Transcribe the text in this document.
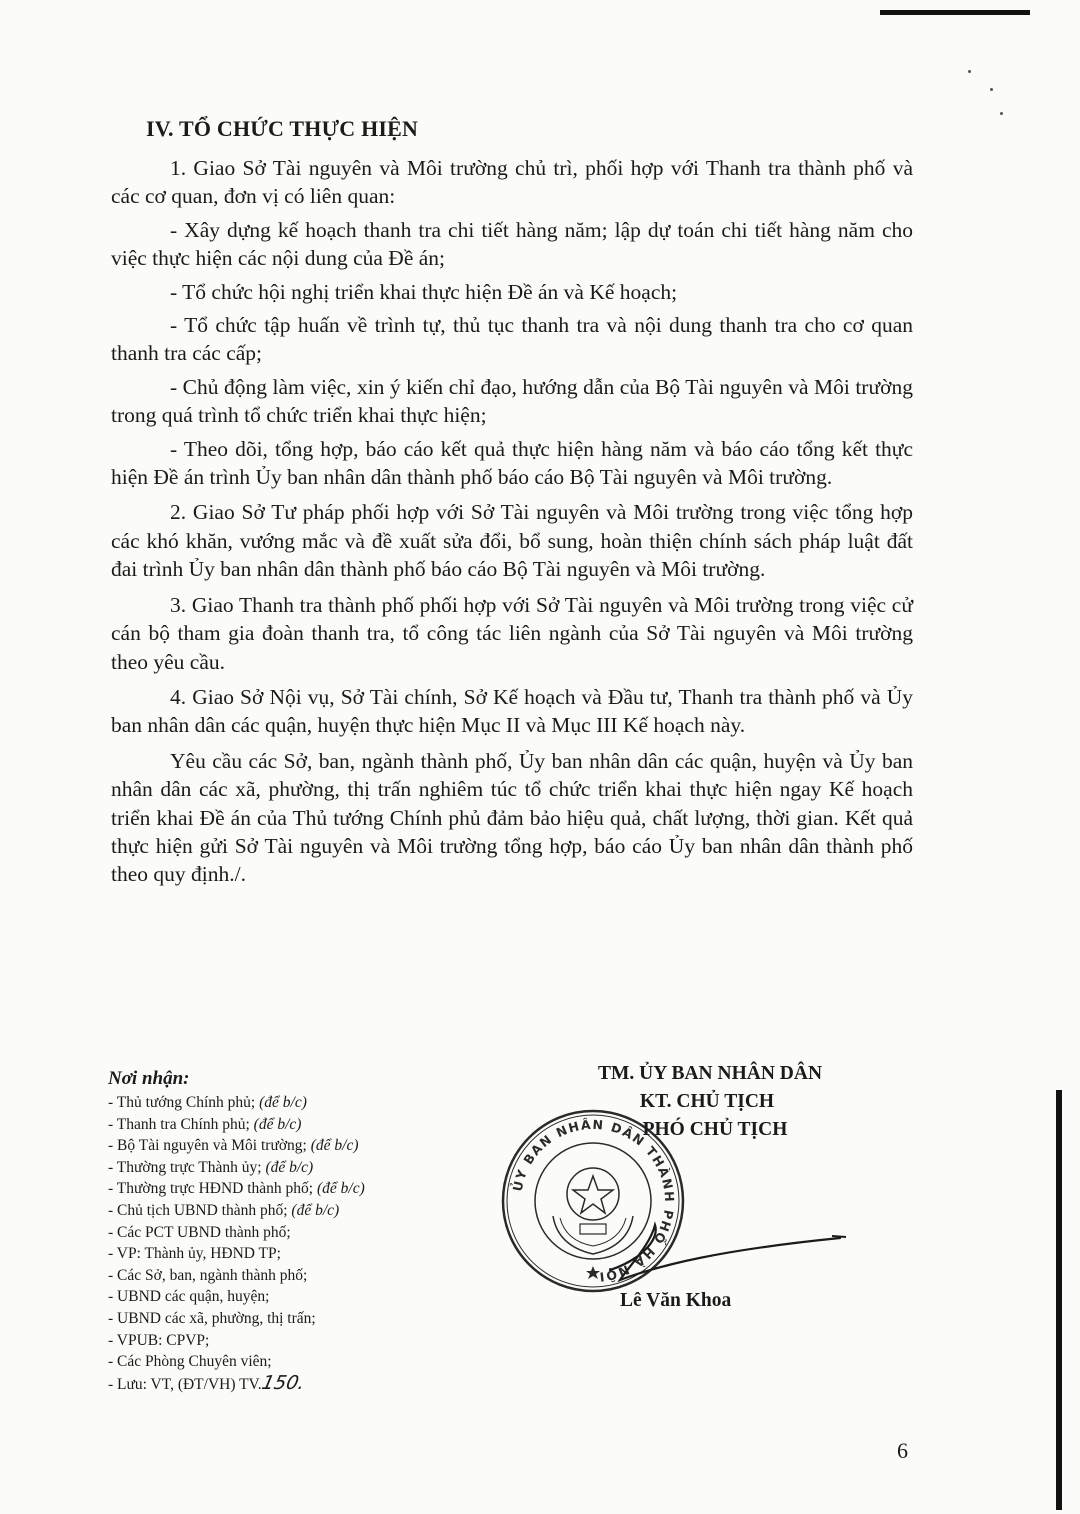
IV. TỔ CHỨC THỰC HIỆN

1. Giao Sở Tài nguyên và Môi trường chủ trì, phối hợp với Thanh tra thành phố và các cơ quan, đơn vị có liên quan:

- Xây dựng kế hoạch thanh tra chi tiết hàng năm; lập dự toán chi tiết hàng năm cho việc thực hiện các nội dung của Đề án;

- Tổ chức hội nghị triển khai thực hiện Đề án và Kế hoạch;

- Tổ chức tập huấn về trình tự, thủ tục thanh tra và nội dung thanh tra cho cơ quan thanh tra các cấp;

- Chủ động làm việc, xin ý kiến chỉ đạo, hướng dẫn của Bộ Tài nguyên và Môi trường trong quá trình tổ chức triển khai thực hiện;

- Theo dõi, tổng hợp, báo cáo kết quả thực hiện hàng năm và báo cáo tổng kết thực hiện Đề án trình Ủy ban nhân dân thành phố báo cáo Bộ Tài nguyên và Môi trường.

2. Giao Sở Tư pháp phối hợp với Sở Tài nguyên và Môi trường trong việc tổng hợp các khó khăn, vướng mắc và đề xuất sửa đổi, bổ sung, hoàn thiện chính sách pháp luật đất đai trình Ủy ban nhân dân thành phố báo cáo Bộ Tài nguyên và Môi trường.

3. Giao Thanh tra thành phố phối hợp với Sở Tài nguyên và Môi trường trong việc cử cán bộ tham gia đoàn thanh tra, tổ công tác liên ngành của Sở Tài nguyên và Môi trường theo yêu cầu.

4. Giao Sở Nội vụ, Sở Tài chính, Sở Kế hoạch và Đầu tư, Thanh tra thành phố và Ủy ban nhân dân các quận, huyện thực hiện Mục II và Mục III Kế hoạch này.

Yêu cầu các Sở, ban, ngành thành phố, Ủy ban nhân dân các quận, huyện và Ủy ban nhân dân các xã, phường, thị trấn nghiêm túc tổ chức triển khai thực hiện ngay Kế hoạch triển khai Đề án của Thủ tướng Chính phủ đảm bảo hiệu quả, chất lượng, thời gian. Kết quả thực hiện gửi Sở Tài nguyên và Môi trường tổng hợp, báo cáo Ủy ban nhân dân thành phố theo quy định./.

Nơi nhận:
- Thủ tướng Chính phủ; (để b/c)
- Thanh tra Chính phủ; (để b/c)
- Bộ Tài nguyên và Môi trường; (để b/c)
- Thường trực Thành ủy; (để b/c)
- Thường trực HĐND thành phố; (để b/c)
- Chủ tịch UBND thành phố; (để b/c)
- Các PCT UBND thành phố;
- VP: Thành ủy, HĐND TP;
- Các Sở, ban, ngành thành phố;
- UBND các quận, huyện;
- UBND các xã, phường, thị trấn;
- VPUB: CPVP;
- Các Phòng Chuyên viên;
- Lưu: VT, (ĐT/VH) TV.150.
ỦY BAN NHÂN DÂN THÀNH PHỐ HÀ NỘI
TM. ỦY BAN NHÂN DÂN
KT. CHỦ TỊCH
PHÓ CHỦ TỊCH
Lê Văn Khoa
6
